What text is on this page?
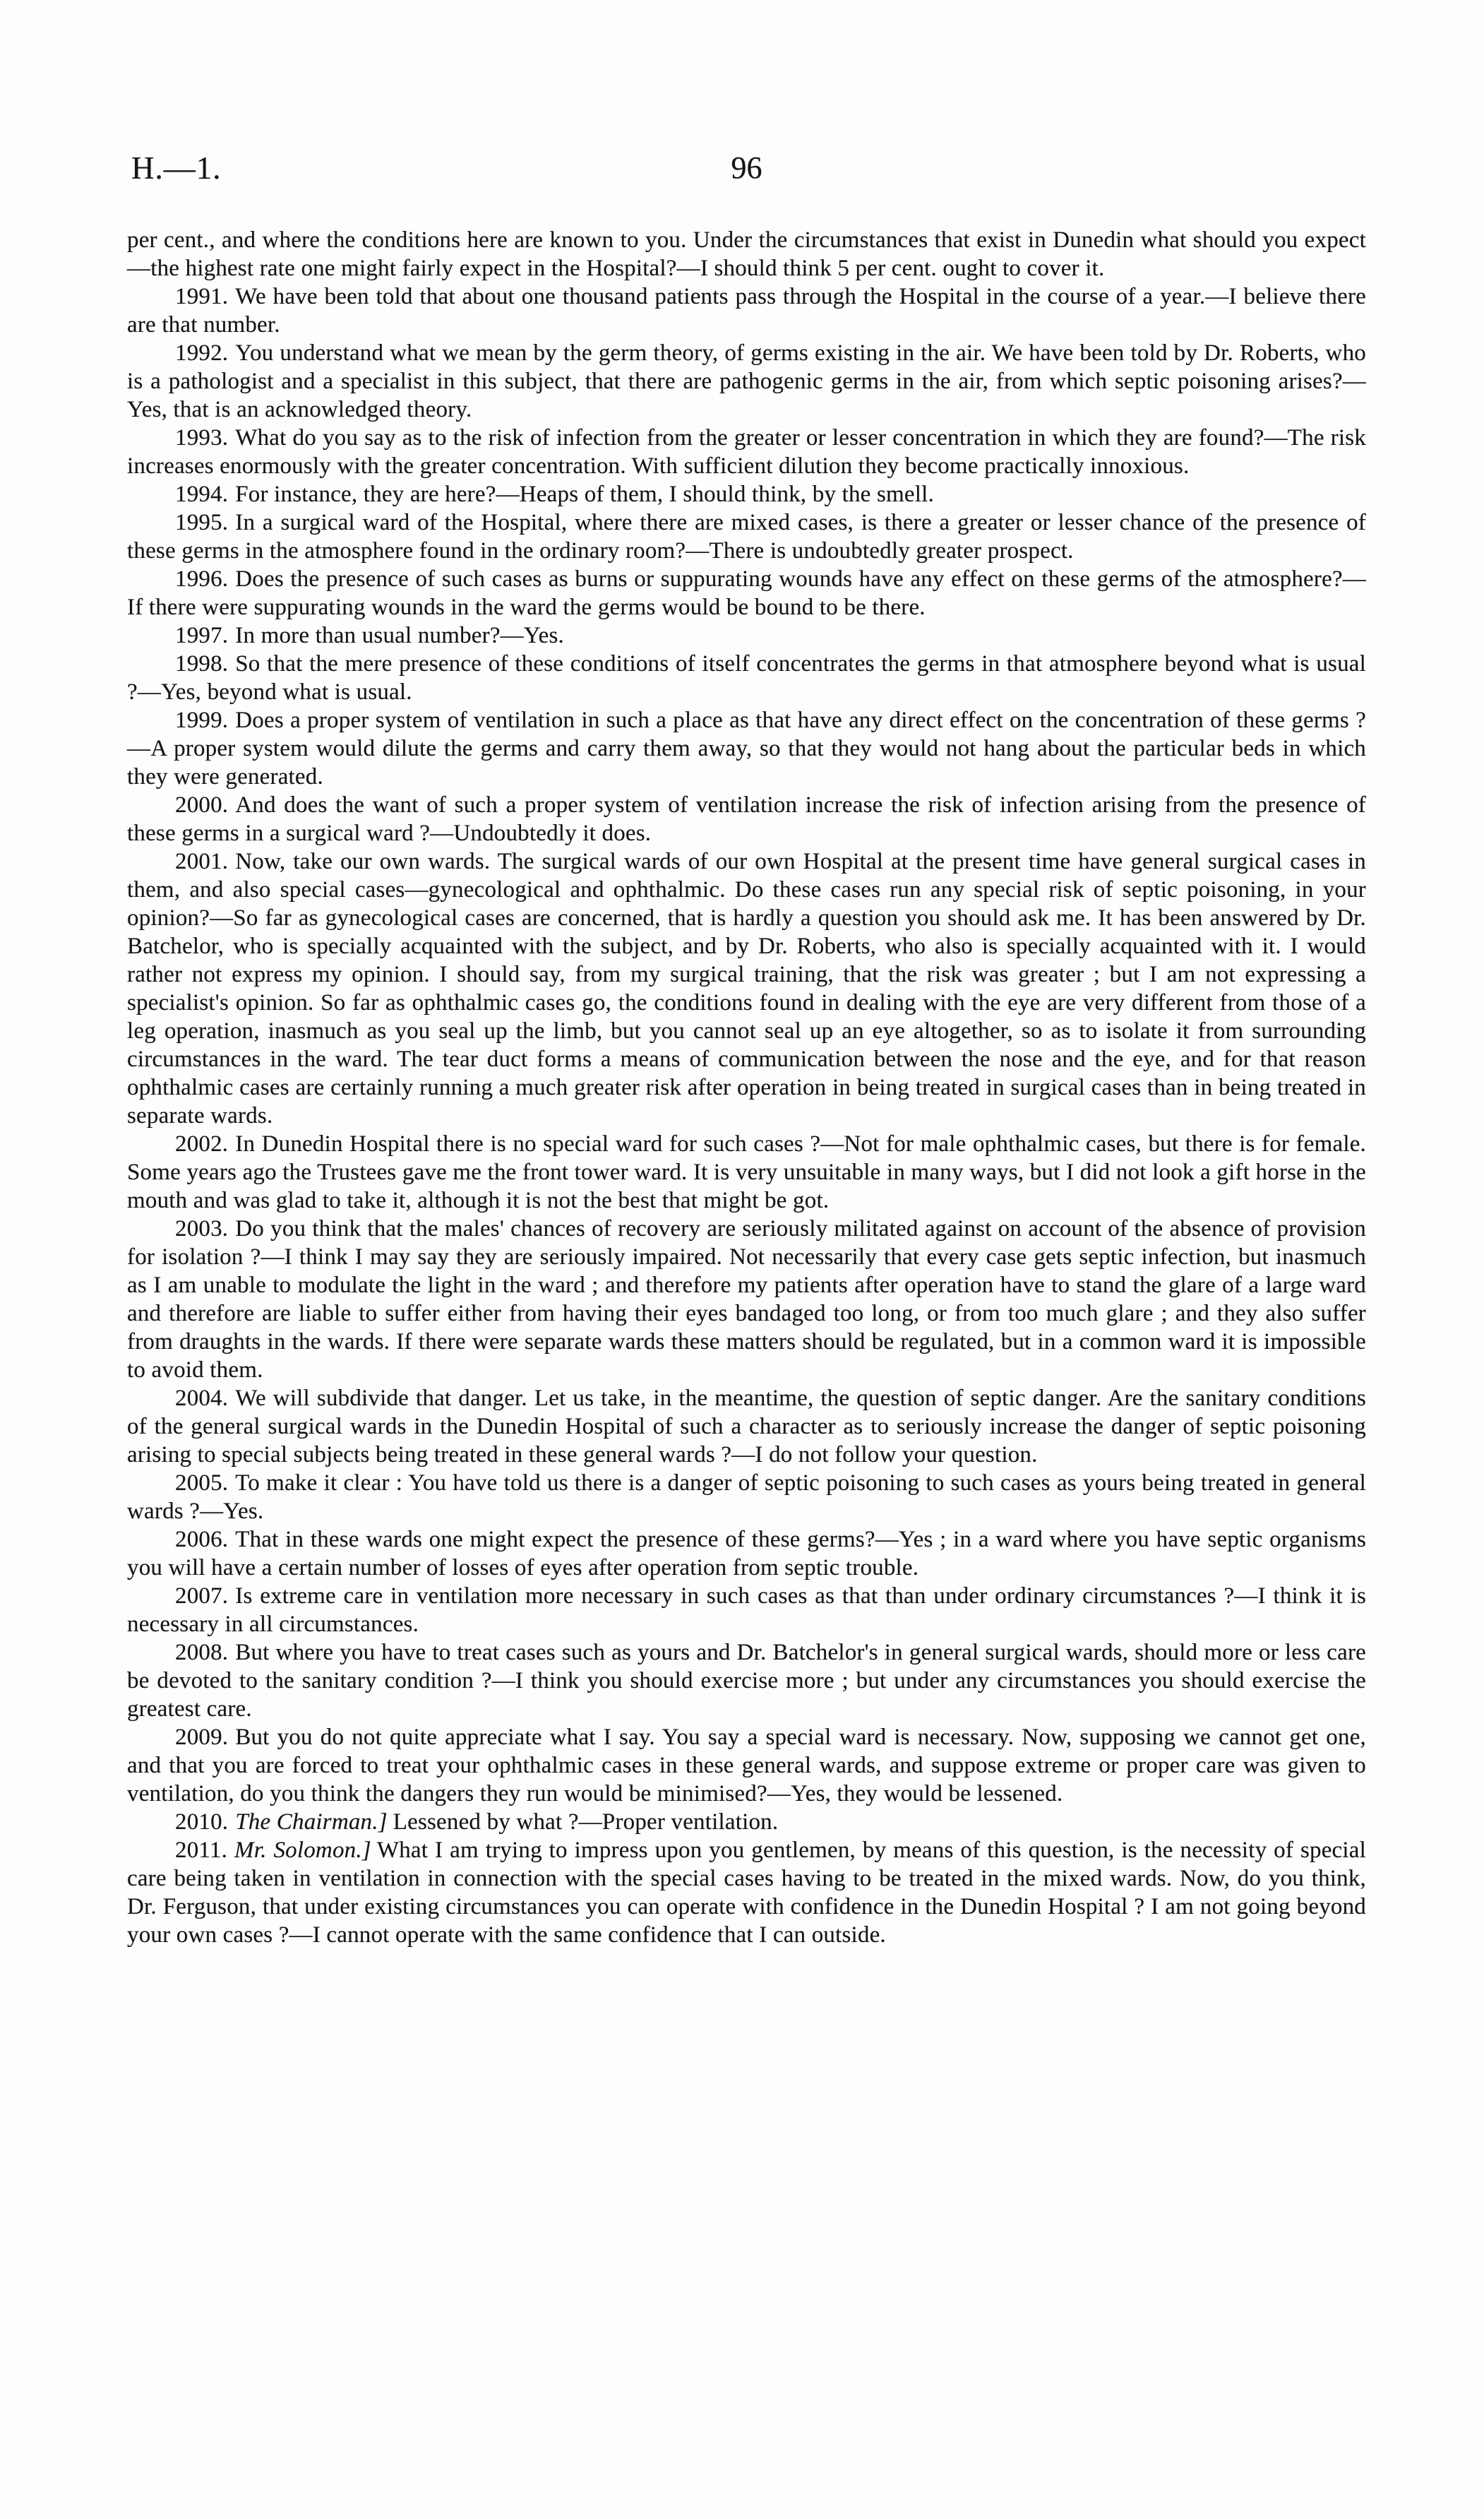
H.—1.	96

per cent., and where the conditions here are known to you. Under the circumstances that exist in Dunedin what should you expect—the highest rate one might fairly expect in the Hospital?—I should think 5 per cent. ought to cover it.

1991. We have been told that about one thousand patients pass through the Hospital in the course of a year.—I believe there are that number.

1992. You understand what we mean by the germ theory, of germs existing in the air. We have been told by Dr. Roberts, who is a pathologist and a specialist in this subject, that there are pathogenic germs in the air, from which septic poisoning arises?—Yes, that is an acknowledged theory.

1993. What do you say as to the risk of infection from the greater or lesser concentration in which they are found?—The risk increases enormously with the greater concentration. With sufficient dilution they become practically innoxious.

1994. For instance, they are here?—Heaps of them, I should think, by the smell.

1995. In a surgical ward of the Hospital, where there are mixed cases, is there a greater or lesser chance of the presence of these germs in the atmosphere found in the ordinary room?—There is undoubtedly greater prospect.

1996. Does the presence of such cases as burns or suppurating wounds have any effect on these germs of the atmosphere?—If there were suppurating wounds in the ward the germs would be bound to be there.

1997. In more than usual number?—Yes.

1998. So that the mere presence of these conditions of itself concentrates the germs in that atmosphere beyond what is usual ?—Yes, beyond what is usual.

1999. Does a proper system of ventilation in such a place as that have any direct effect on the concentration of these germs ?—A proper system would dilute the germs and carry them away, so that they would not hang about the particular beds in which they were generated.

2000. And does the want of such a proper system of ventilation increase the risk of infection arising from the presence of these germs in a surgical ward ?—Undoubtedly it does.

2001. Now, take our own wards. The surgical wards of our own Hospital at the present time have general surgical cases in them, and also special cases—gynecological and ophthalmic. Do these cases run any special risk of septic poisoning, in your opinion?—So far as gynecological cases are concerned, that is hardly a question you should ask me. It has been answered by Dr. Batchelor, who is specially acquainted with the subject, and by Dr. Roberts, who also is specially acquainted with it. I would rather not express my opinion. I should say, from my surgical training, that the risk was greater ; but I am not expressing a specialist's opinion. So far as ophthalmic cases go, the conditions found in dealing with the eye are very different from those of a leg operation, inasmuch as you seal up the limb, but you cannot seal up an eye altogether, so as to isolate it from surrounding circumstances in the ward. The tear duct forms a means of communication between the nose and the eye, and for that reason ophthalmic cases are certainly running a much greater risk after operation in being treated in surgical cases than in being treated in separate wards.

2002. In Dunedin Hospital there is no special ward for such cases ?—Not for male ophthalmic cases, but there is for female. Some years ago the Trustees gave me the front tower ward. It is very unsuitable in many ways, but I did not look a gift horse in the mouth and was glad to take it, although it is not the best that might be got.

2003. Do you think that the males' chances of recovery are seriously militated against on account of the absence of provision for isolation ?—I think I may say they are seriously impaired. Not necessarily that every case gets septic infection, but inasmuch as I am unable to modulate the light in the ward ; and therefore my patients after operation have to stand the glare of a large ward and therefore are liable to suffer either from having their eyes bandaged too long, or from too much glare ; and they also suffer from draughts in the wards. If there were separate wards these matters should be regulated, but in a common ward it is impossible to avoid them.

2004. We will subdivide that danger. Let us take, in the meantime, the question of septic danger. Are the sanitary conditions of the general surgical wards in the Dunedin Hospital of such a character as to seriously increase the danger of septic poisoning arising to special subjects being treated in these general wards ?—I do not follow your question.

2005. To make it clear : You have told us there is a danger of septic poisoning to such cases as yours being treated in general wards ?—Yes.

2006. That in these wards one might expect the presence of these germs?—Yes ; in a ward where you have septic organisms you will have a certain number of losses of eyes after operation from septic trouble.

2007. Is extreme care in ventilation more necessary in such cases as that than under ordinary circumstances ?—I think it is necessary in all circumstances.

2008. But where you have to treat cases such as yours and Dr. Batchelor's in general surgical wards, should more or less care be devoted to the sanitary condition ?—I think you should exercise more ; but under any circumstances you should exercise the greatest care.

2009. But you do not quite appreciate what I say. You say a special ward is necessary. Now, supposing we cannot get one, and that you are forced to treat your ophthalmic cases in these general wards, and suppose extreme or proper care was given to ventilation, do you think the dangers they run would be minimised?—Yes, they would be lessened.

2010. The Chairman.] Lessened by what ?—Proper ventilation.

2011. Mr. Solomon.] What I am trying to impress upon you gentlemen, by means of this question, is the necessity of special care being taken in ventilation in connection with the special cases having to be treated in the mixed wards. Now, do you think, Dr. Ferguson, that under existing circumstances you can operate with confidence in the Dunedin Hospital ? I am not going beyond your own cases ?—I cannot operate with the same confidence that I can outside.
